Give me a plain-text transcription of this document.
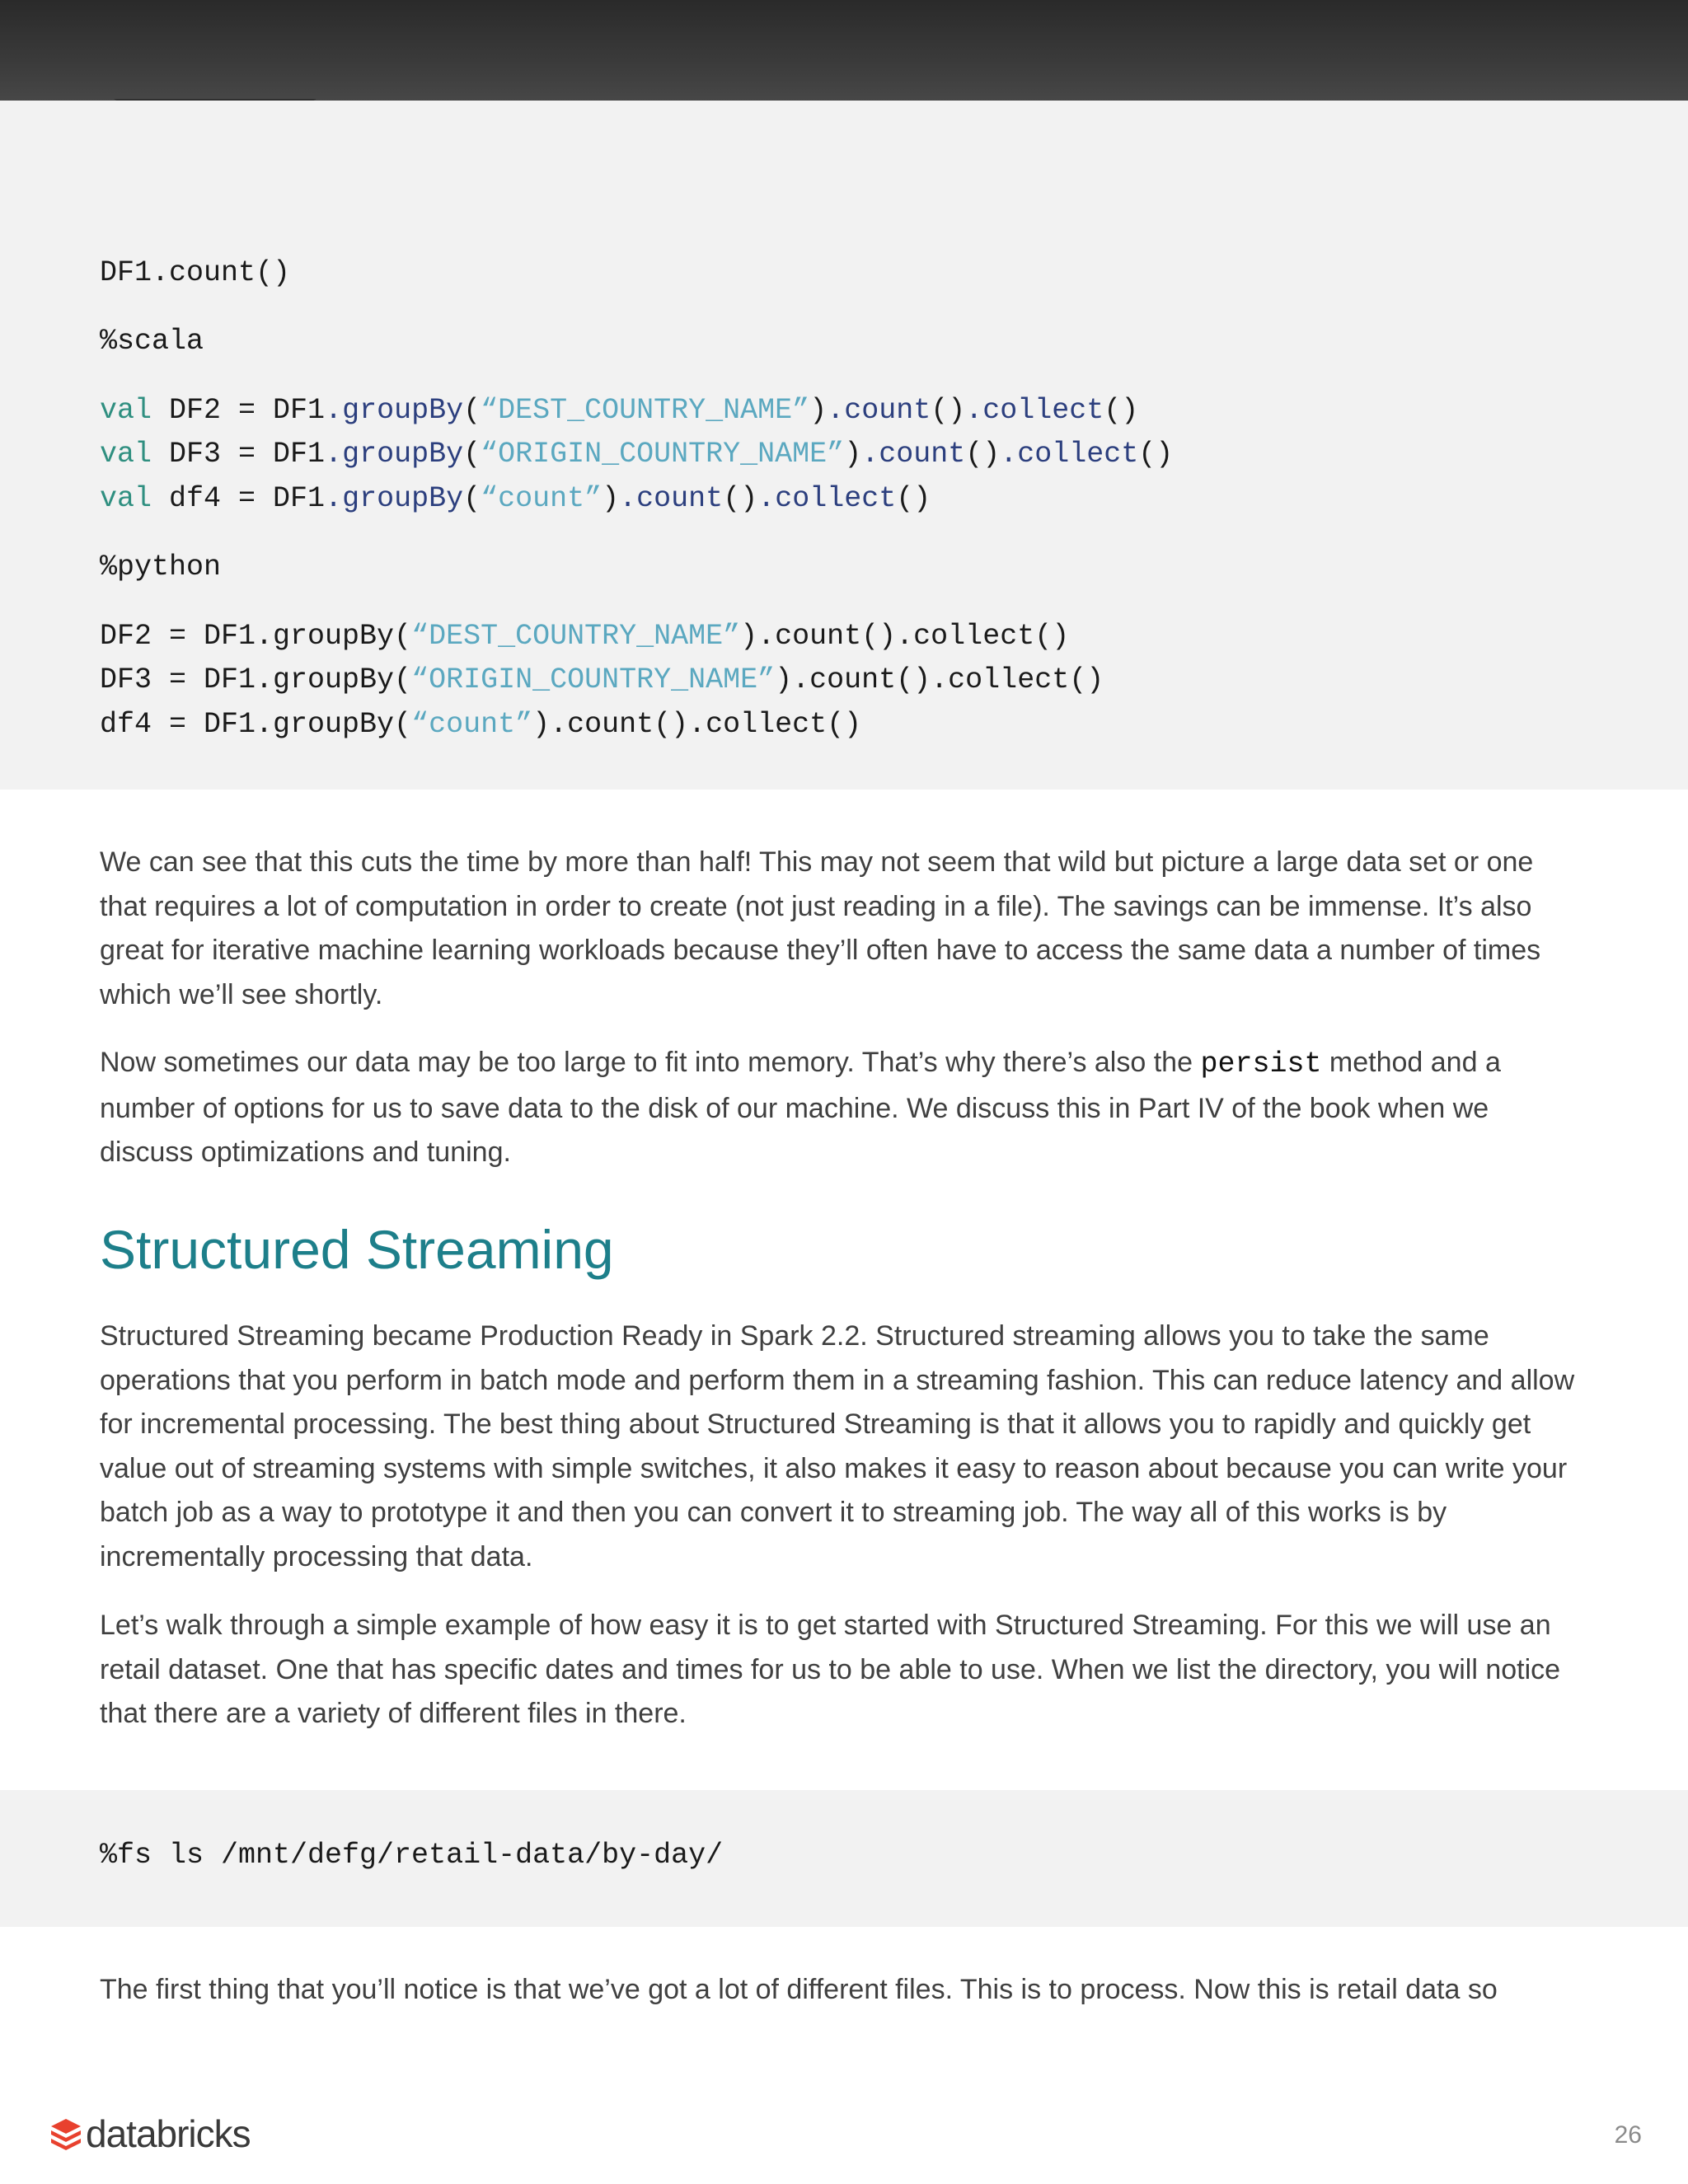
DF1.count()
%scala
val DF2 = DF1.groupBy(“DEST_COUNTRY_NAME”).count().collect()
val DF3 = DF1.groupBy(“ORIGIN_COUNTRY_NAME”).count().collect()
val df4 = DF1.groupBy(“count”).count().collect()
%python
DF2 = DF1.groupBy(“DEST_COUNTRY_NAME”).count().collect()
DF3 = DF1.groupBy(“ORIGIN_COUNTRY_NAME”).count().collect()
df4 = DF1.groupBy(“count”).count().collect()

We can see that this cuts the time by more than half! This may not seem that wild but picture a large data set or one that requires a lot of computation in order to create (not just reading in a file). The savings can be immense. It’s also great for iterative machine learning workloads because they’ll often have to access the same data a number of times which we’ll see shortly.

Now sometimes our data may be too large to fit into memory. That’s why there’s also the persist method and a number of options for us to save data to the disk of our machine. We discuss this in Part IV of the book when we discuss optimizations and tuning.

Structured Streaming

Structured Streaming became Production Ready in Spark 2.2. Structured streaming allows you to take the same operations that you perform in batch mode and perform them in a streaming fashion. This can reduce latency and allow for incremental processing. The best thing about Structured Streaming is that it allows you to rapidly and quickly get value out of streaming systems with simple switches, it also makes it easy to reason about because you can write your batch job as a way to prototype it and then you can convert it to streaming job. The way all of this works is by incrementally processing that data.

Let’s walk through a simple example of how easy it is to get started with Structured Streaming. For this we will use an retail dataset. One that has specific dates and times for us to be able to use. When we list the directory, you will notice that there are a variety of different files in there.

%fs ls /mnt/defg/retail-data/by-day/

The first thing that you’ll notice is that we’ve got a lot of different files. This is to process. Now this is retail data so

databricks	26
